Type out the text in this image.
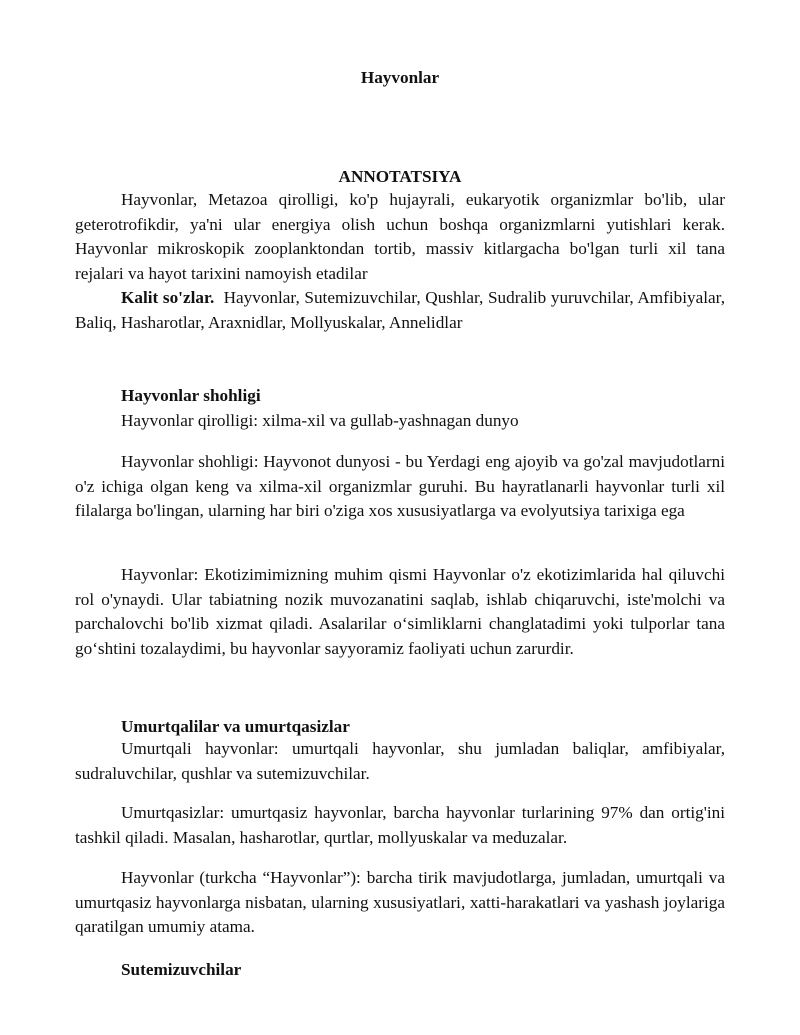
Hayvonlar
ANNOTATSIYA

Hayvonlar, Metazoa qirolligi, ko'p hujayrali, eukaryotik organizmlar bo'lib, ular geterotrofikdir, ya'ni ular energiya olish uchun boshqa organizmlarni yutishlari kerak. Hayvonlar mikroskopik zooplanktondan tortib, massiv kitlargacha bo'lgan turli xil tana rejalari va hayot tarixini namoyish etadilar

Kalit so'zlar. Hayvonlar, Sutemizuvchilar, Qushlar, Sudralib yuruvchilar, Amfibiyalar, Baliq, Hasharotlar, Araxnidlar, Mollyuskalar, Annelidlar

Hayvonlar shohligi

Hayvonlar qirolligi: xilma-xil va gullab-yashnagan dunyo

Hayvonlar shohligi: Hayvonot dunyosi - bu Yerdagi eng ajoyib va go'zal mavjudotlarni o'z ichiga olgan keng va xilma-xil organizmlar guruhi. Bu hayratlanarli hayvonlar turli xil filalarga bo'lingan, ularning har biri o'ziga xos xususiyatlarga va evolyutsiya tarixiga ega

Hayvonlar: Ekotizimimizning muhim qismi Hayvonlar o'z ekotizimlarida hal qiluvchi rol o'ynaydi. Ular tabiatning nozik muvozanatini saqlab, ishlab chiqaruvchi, iste'molchi va parchalovchi bo'lib xizmat qiladi. Asalarilar o‘simliklarni changlatadimi yoki tulporlar tana go‘shtini tozalaydimi, bu hayvonlar sayyoramiz faoliyati uchun zarurdir.

Umurtqalilar va umurtqasizlar

Umurtqali hayvonlar: umurtqali hayvonlar, shu jumladan baliqlar, amfibiyalar, sudraluvchilar, qushlar va sutemizuvchilar.

Umurtqasizlar: umurtqasiz hayvonlar, barcha hayvonlar turlarining 97% dan ortig'ini tashkil qiladi. Masalan, hasharotlar, qurtlar, mollyuskalar va meduzalar.

Hayvonlar (turkcha “Hayvonlar”): barcha tirik mavjudotlarga, jumladan, umurtqali va umurtqasiz hayvonlarga nisbatan, ularning xususiyatlari, xatti-harakatlari va yashash joylariga qaratilgan umumiy atama.

Sutemizuvchilar
